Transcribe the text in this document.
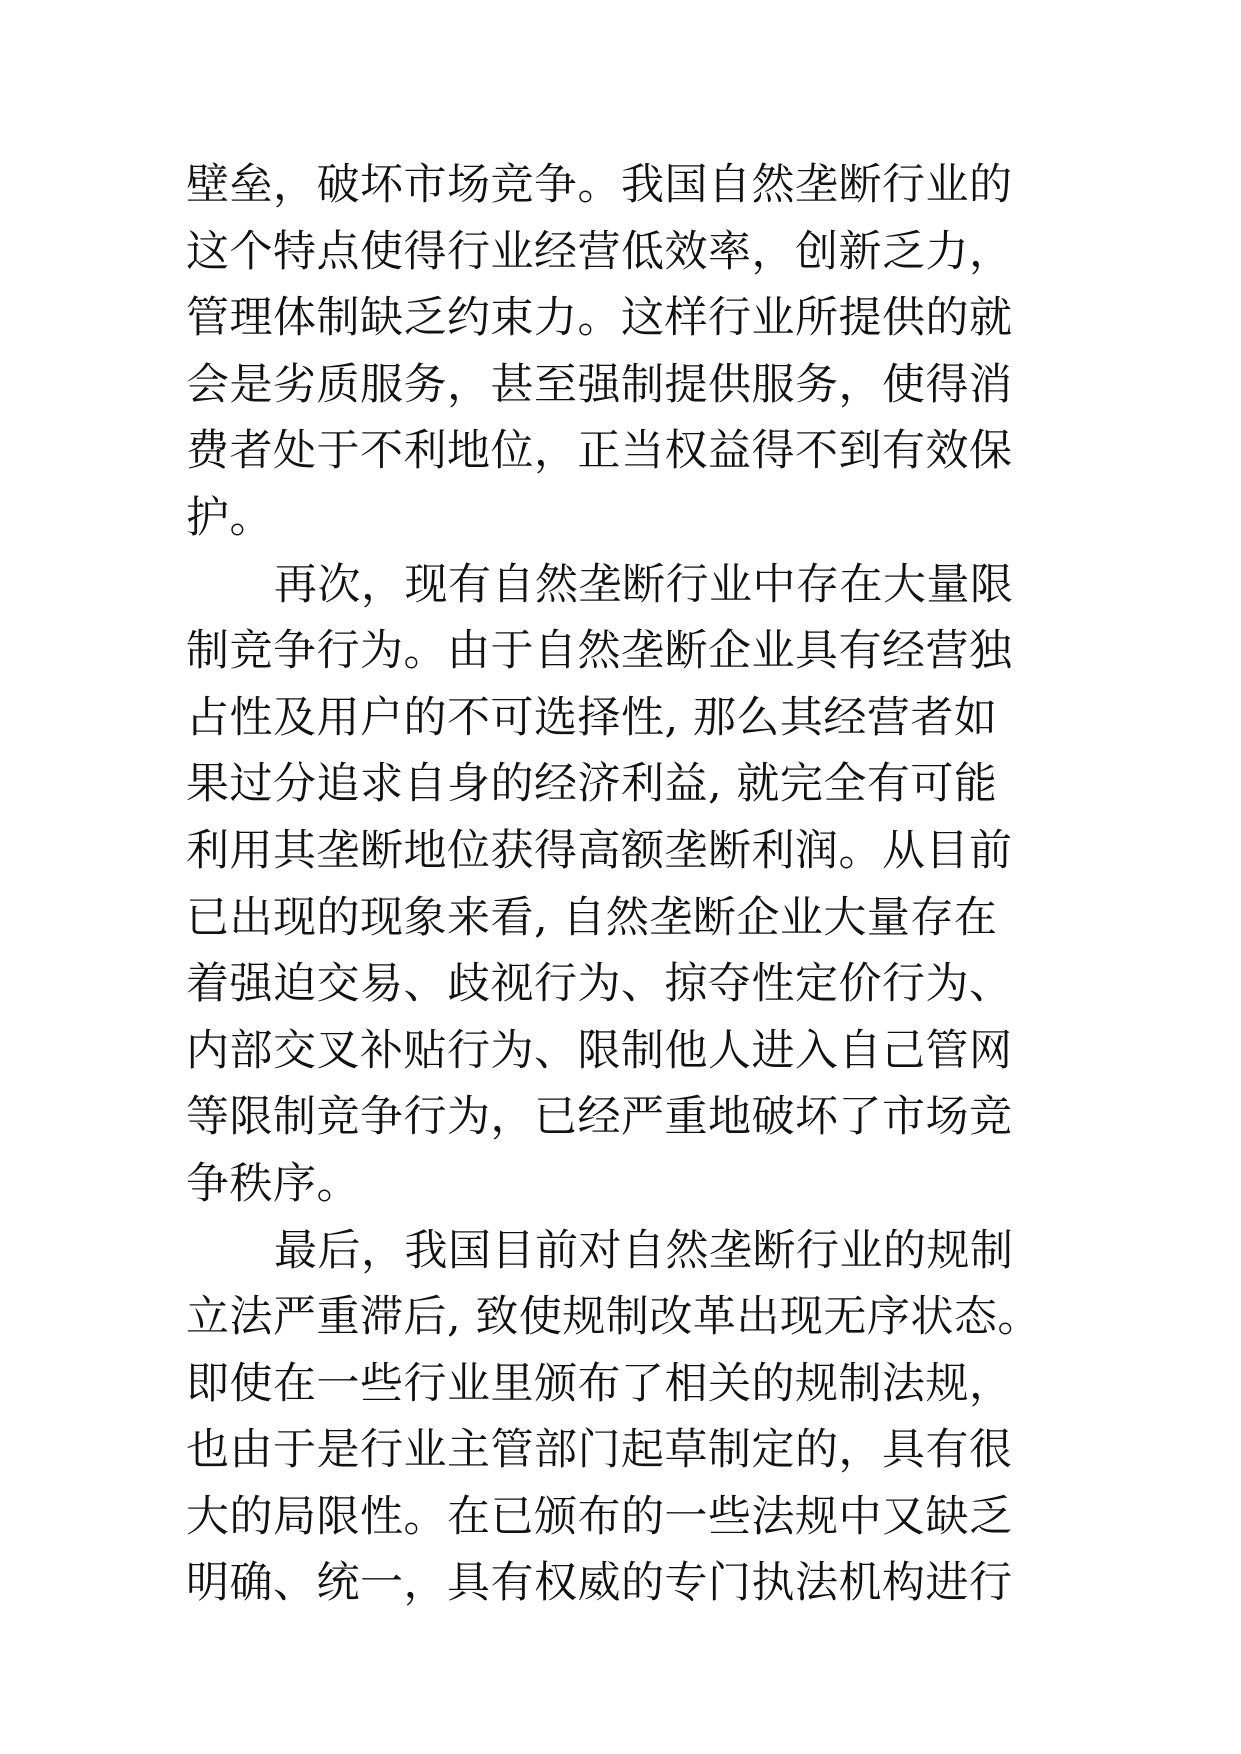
壁垒，破坏市场竞争。我国自然垄断行业的
这个特点使得行业经营低效率，创新乏力，
管理体制缺乏约束力。这样行业所提供的就
会是劣质服务，甚至强制提供服务，使得消
费者处于不利地位，正当权益得不到有效保
护。
再次，现有自然垄断行业中存在大量限
制竞争行为。由于自然垄断企业具有经营独
占性及用户的不可选择性, 那么其经营者如
果过分追求自身的经济利益, 就完全有可能
利用其垄断地位获得高额垄断利润。从目前
已出现的现象来看, 自然垄断企业大量存在
着强迫交易、歧视行为、掠夺性定价行为、
内部交叉补贴行为、限制他人进入自己管网
等限制竞争行为，已经严重地破坏了市场竞
争秩序。
最后，我国目前对自然垄断行业的规制
立法严重滞后, 致使规制改革出现无序状态。
即使在一些行业里颁布了相关的规制法规，
也由于是行业主管部门起草制定的，具有很
大的局限性。在已颁布的一些法规中又缺乏
明确、统一，具有权威的专门执法机构进行
